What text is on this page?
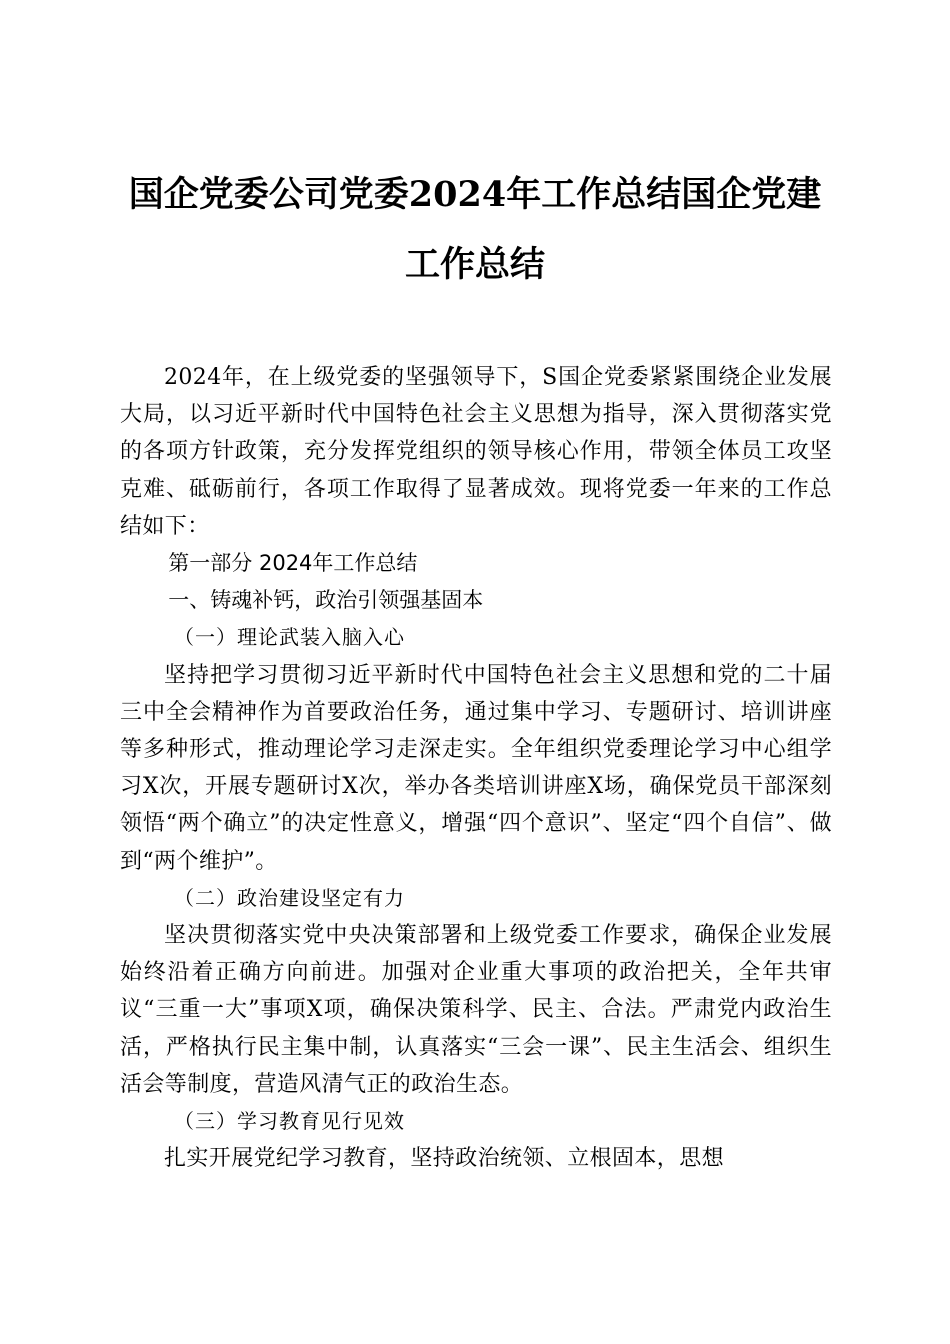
国企党委公司党委2024年工作总结国企党建
工作总结

2024年，在上级党委的坚强领导下，S国企党委紧紧围绕企业发展大局，以习近平新时代中国特色社会主义思想为指导，深入贯彻落实党的各项方针政策，充分发挥党组织的领导核心作用，带领全体员工攻坚克难、砥砺前行，各项工作取得了显著成效。现将党委一年来的工作总结如下：

第一部分 2024年工作总结

一、铸魂补钙，政治引领强基固本

（一）理论武装入脑入心

坚持把学习贯彻习近平新时代中国特色社会主义思想和党的二十届三中全会精神作为首要政治任务，通过集中学习、专题研讨、培训讲座等多种形式，推动理论学习走深走实。全年组织党委理论学习中心组学习X次，开展专题研讨X次，举办各类培训讲座X场，确保党员干部深刻领悟“两个确立”的决定性意义，增强“四个意识”、坚定“四个自信”、做到“两个维护”。

（二）政治建设坚定有力

坚决贯彻落实党中央决策部署和上级党委工作要求，确保企业发展始终沿着正确方向前进。加强对企业重大事项的政治把关，全年共审议“三重一大”事项X项，确保决策科学、民主、合法。严肃党内政治生活，严格执行民主集中制，认真落实“三会一课”、民主生活会、组织生活会等制度，营造风清气正的政治生态。

（三）学习教育见行见效

扎实开展党纪学习教育，坚持政治统领、立根固本，思想
